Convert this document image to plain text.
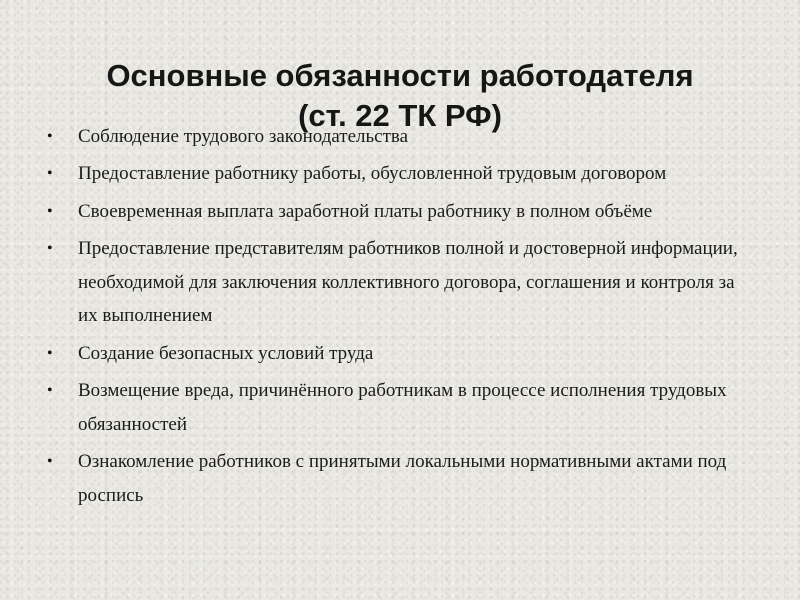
Основные обязанности работодателя
(ст. 22 ТК РФ)
• Соблюдение трудового законодательства
• Предоставление работнику работы, обусловленной трудовым договором
• Своевременная выплата заработной платы работнику в полном объёме
• Предоставление представителям работников полной и достоверной информации, необходимой для заключения коллективного договора, соглашения и контроля за их выполнением
• Создание безопасных условий труда
• Возмещение вреда, причинённого работникам в процессе исполнения трудовых обязанностей
• Ознакомление работников с принятыми локальными нормативными актами под роспись
